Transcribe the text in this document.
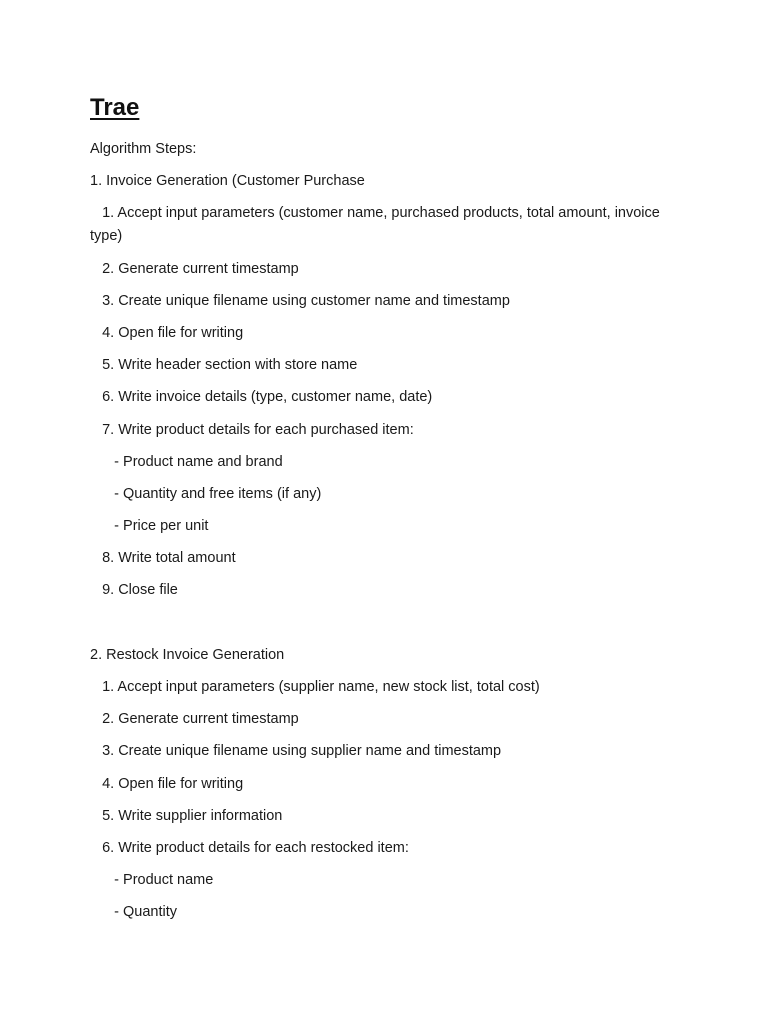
Trae
Algorithm Steps:
1. Invoice Generation (Customer Purchase
1. Accept input parameters (customer name, purchased products, total amount, invoice type)
2. Generate current timestamp
3. Create unique filename using customer name and timestamp
4. Open file for writing
5. Write header section with store name
6. Write invoice details (type, customer name, date)
7. Write product details for each purchased item:
- Product name and brand
- Quantity and free items (if any)
- Price per unit
8. Write total amount
9. Close file
2. Restock Invoice Generation
1. Accept input parameters (supplier name, new stock list, total cost)
2. Generate current timestamp
3. Create unique filename using supplier name and timestamp
4. Open file for writing
5. Write supplier information
6. Write product details for each restocked item:
- Product name
- Quantity
